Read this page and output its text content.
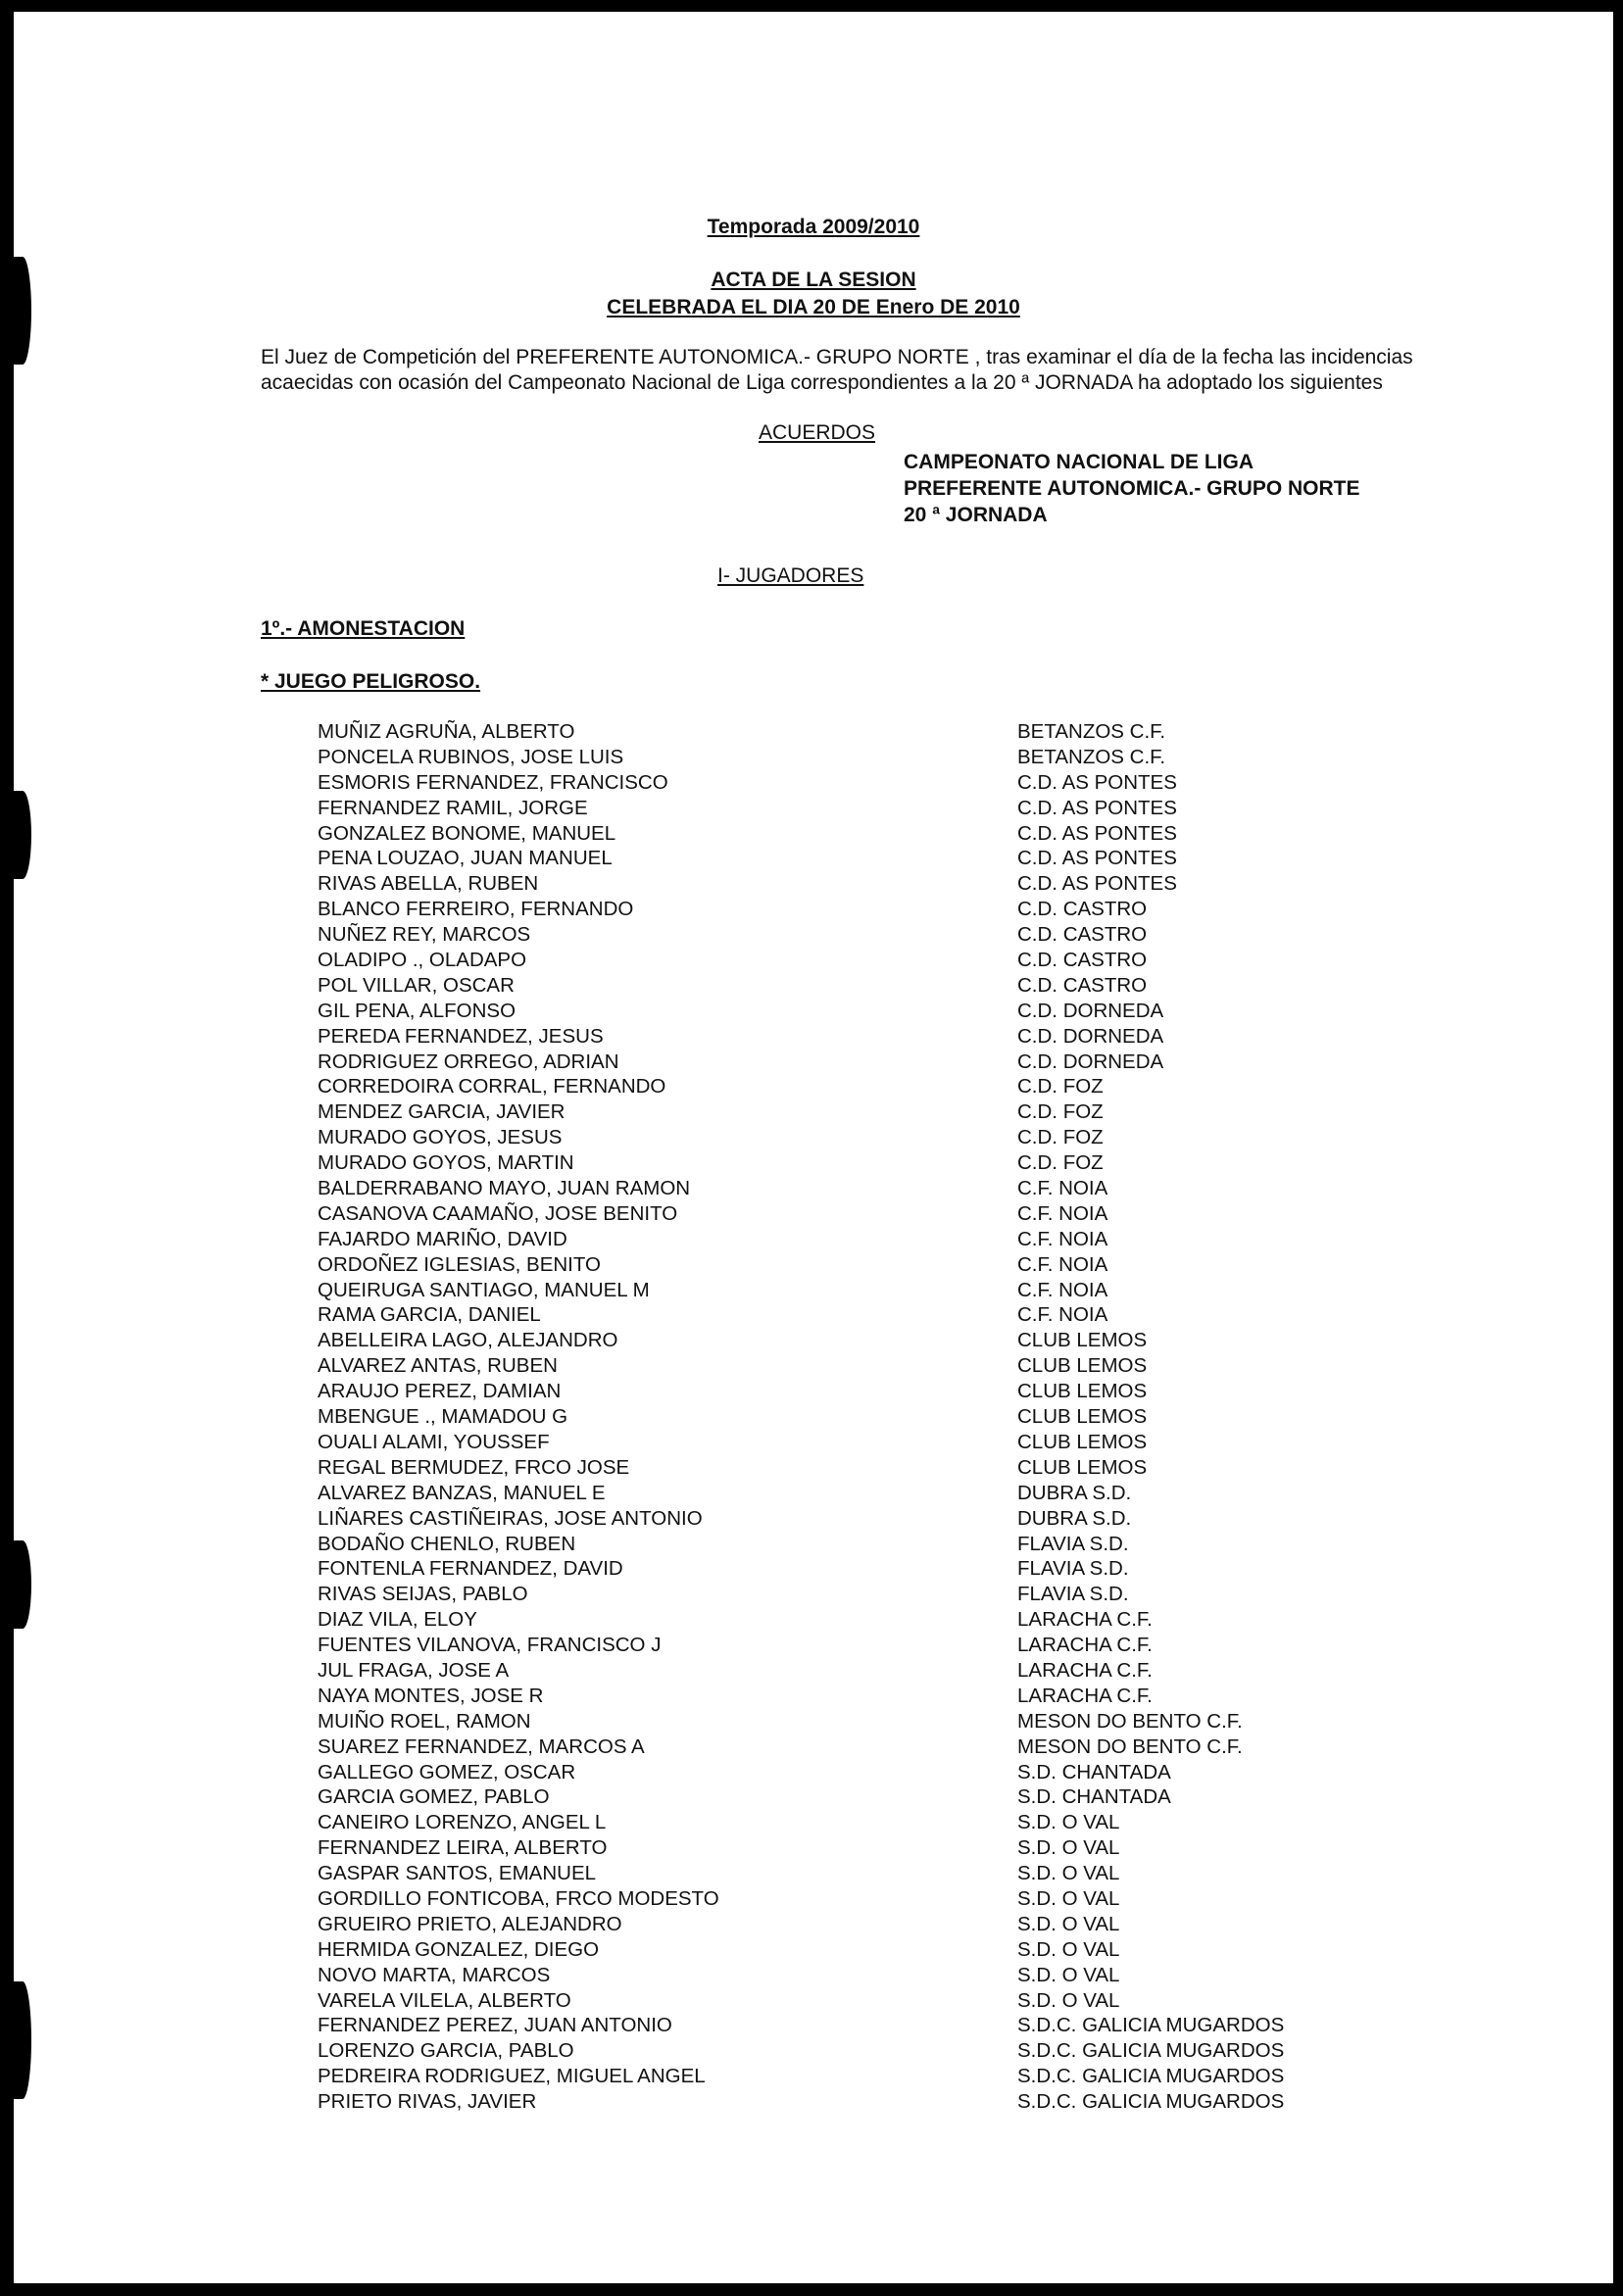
Temporada 2009/2010
ACTA DE LA SESION
CELEBRADA EL DIA 20 DE Enero DE 2010
El Juez de Competición del PREFERENTE AUTONOMICA.- GRUPO NORTE , tras examinar el día de la fecha las incidencias
acaecidas con ocasión del Campeonato Nacional de Liga correspondientes a la 20 ª JORNADA ha adoptado los siguientes
ACUERDOS
CAMPEONATO NACIONAL DE LIGA
PREFERENTE AUTONOMICA.- GRUPO NORTE
20 ª JORNADA
I- JUGADORES
1º.- AMONESTACION
* JUEGO PELIGROSO.
MUÑIZ AGRUÑA, ALBERTO	BETANZOS C.F.
PONCELA RUBINOS, JOSE LUIS	BETANZOS C.F.
ESMORIS FERNANDEZ, FRANCISCO	C.D. AS PONTES
FERNANDEZ RAMIL, JORGE	C.D. AS PONTES
GONZALEZ BONOME, MANUEL	C.D. AS PONTES
PENA LOUZAO, JUAN MANUEL	C.D. AS PONTES
RIVAS ABELLA, RUBEN	C.D. AS PONTES
BLANCO FERREIRO, FERNANDO	C.D. CASTRO
NUÑEZ REY, MARCOS	C.D. CASTRO
OLADIPO ., OLADAPO	C.D. CASTRO
POL VILLAR, OSCAR	C.D. CASTRO
GIL PENA, ALFONSO	C.D. DORNEDA
PEREDA FERNANDEZ, JESUS	C.D. DORNEDA
RODRIGUEZ ORREGO, ADRIAN	C.D. DORNEDA
CORREDOIRA CORRAL, FERNANDO	C.D. FOZ
MENDEZ GARCIA, JAVIER	C.D. FOZ
MURADO GOYOS, JESUS	C.D. FOZ
MURADO GOYOS, MARTIN	C.D. FOZ
BALDERRABANO MAYO, JUAN RAMON	C.F. NOIA
CASANOVA CAAMAÑO, JOSE BENITO	C.F. NOIA
FAJARDO MARIÑO, DAVID	C.F. NOIA
ORDOÑEZ IGLESIAS, BENITO	C.F. NOIA
QUEIRUGA SANTIAGO, MANUEL M	C.F. NOIA
RAMA GARCIA, DANIEL	C.F. NOIA
ABELLEIRA LAGO, ALEJANDRO	CLUB LEMOS
ALVAREZ ANTAS, RUBEN	CLUB LEMOS
ARAUJO PEREZ, DAMIAN	CLUB LEMOS
MBENGUE ., MAMADOU G	CLUB LEMOS
OUALI ALAMI, YOUSSEF	CLUB LEMOS
REGAL BERMUDEZ, FRCO JOSE	CLUB LEMOS
ALVAREZ BANZAS, MANUEL E	DUBRA S.D.
LIÑARES CASTIÑEIRAS, JOSE ANTONIO	DUBRA S.D.
BODAÑO CHENLO, RUBEN	FLAVIA S.D.
FONTENLA FERNANDEZ, DAVID	FLAVIA S.D.
RIVAS SEIJAS, PABLO	FLAVIA S.D.
DIAZ VILA, ELOY	LARACHA C.F.
FUENTES VILANOVA, FRANCISCO J	LARACHA C.F.
JUL FRAGA, JOSE A	LARACHA C.F.
NAYA MONTES, JOSE R	LARACHA C.F.
MUIÑO ROEL, RAMON	MESON DO BENTO C.F.
SUAREZ FERNANDEZ, MARCOS A	MESON DO BENTO C.F.
GALLEGO GOMEZ, OSCAR	S.D. CHANTADA
GARCIA GOMEZ, PABLO	S.D. CHANTADA
CANEIRO LORENZO, ANGEL L	S.D. O VAL
FERNANDEZ LEIRA, ALBERTO	S.D. O VAL
GASPAR SANTOS, EMANUEL	S.D. O VAL
GORDILLO FONTICOBA, FRCO MODESTO	S.D. O VAL
GRUEIRO PRIETO, ALEJANDRO	S.D. O VAL
HERMIDA GONZALEZ, DIEGO	S.D. O VAL
NOVO MARTA, MARCOS	S.D. O VAL
VARELA VILELA, ALBERTO	S.D. O VAL
FERNANDEZ PEREZ, JUAN ANTONIO	S.D.C. GALICIA MUGARDOS
LORENZO GARCIA, PABLO	S.D.C. GALICIA MUGARDOS
PEDREIRA RODRIGUEZ, MIGUEL ANGEL	S.D.C. GALICIA MUGARDOS
PRIETO RIVAS, JAVIER	S.D.C. GALICIA MUGARDOS
